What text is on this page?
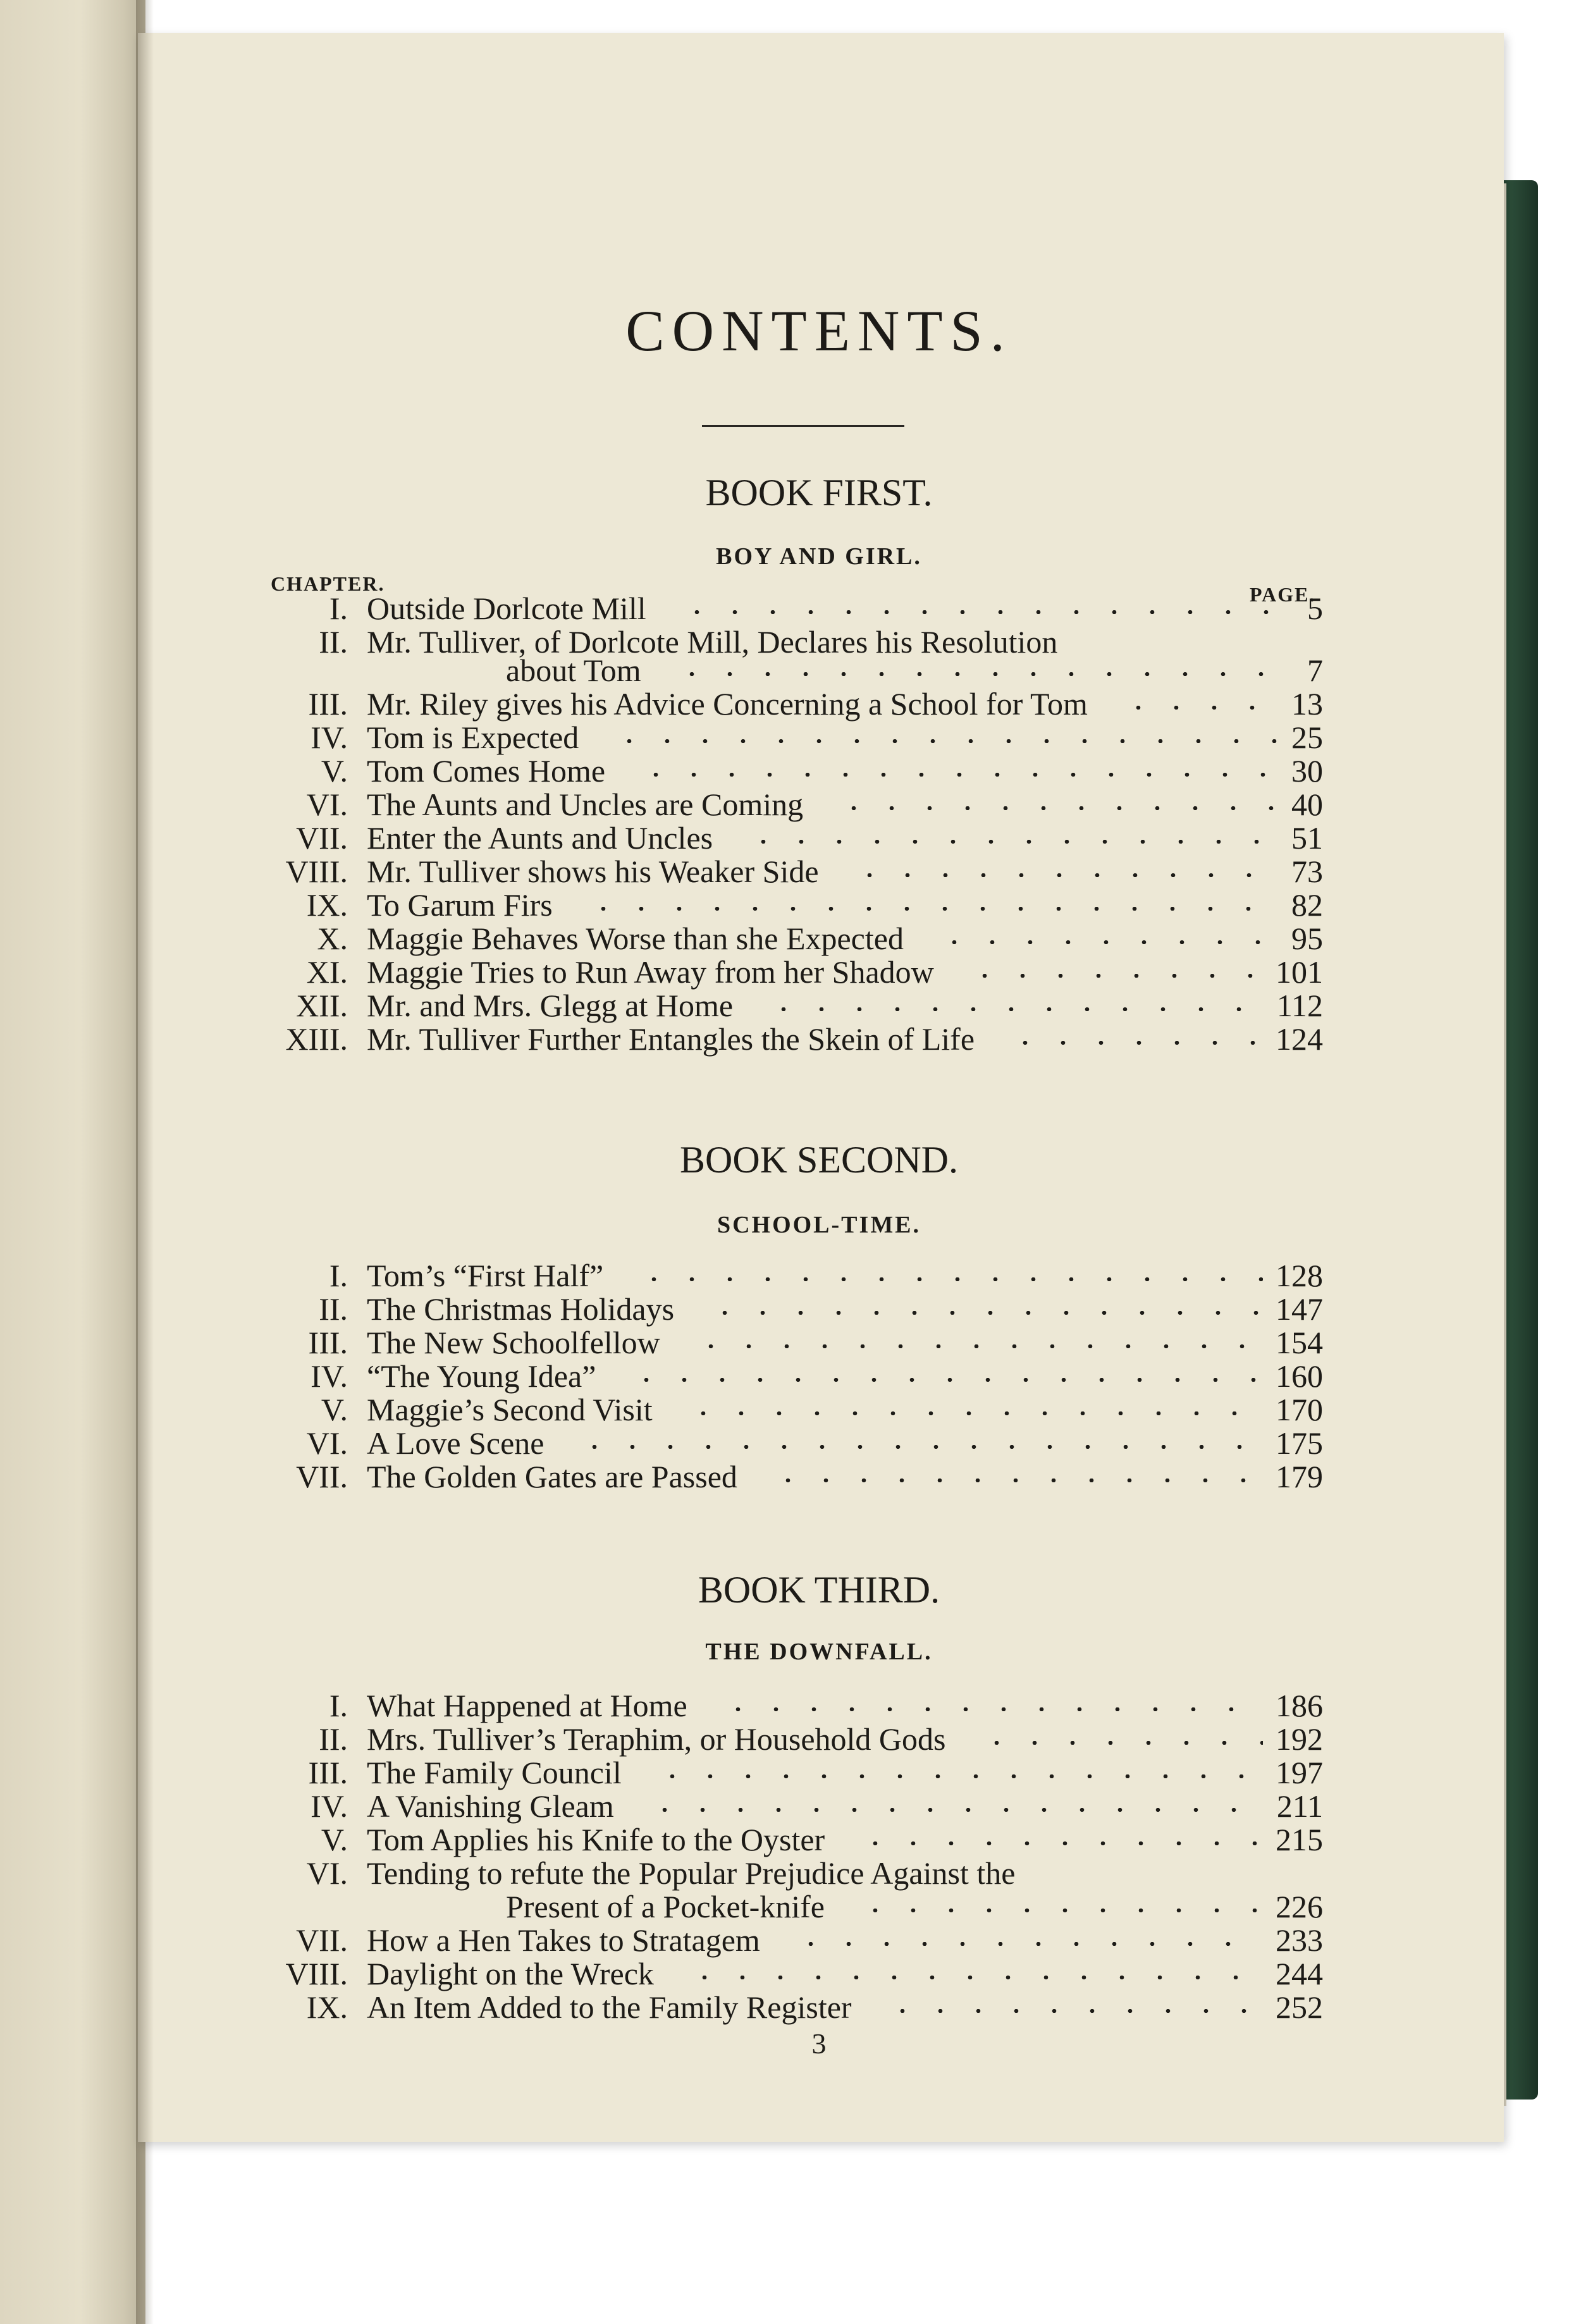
CONTENTS.
BOOK FIRST.
BOY AND GIRL.
CHAPTER.	PAGE.
BOOK SECOND.
SCHOOL-TIME.
BOOK THIRD.
THE DOWNFALL.
I. Outside Dorlcote Mill	5
II. Mr. Tulliver, of Dorlcote Mill, Declares his Resolution
about Tom	7
III. Mr. Riley gives his Advice Concerning a School for Tom	13
IV. Tom is Expected	25
V. Tom Comes Home	30
VI. The Aunts and Uncles are Coming	40
VII. Enter the Aunts and Uncles	51
VIII. Mr. Tulliver shows his Weaker Side	73
IX. To Garum Firs	82
X. Maggie Behaves Worse than she Expected	95
XI. Maggie Tries to Run Away from her Shadow	101
XII. Mr. and Mrs. Glegg at Home	112
XIII. Mr. Tulliver Further Entangles the Skein of Life	124
I. Tom’s “First Half”	128
II. The Christmas Holidays	147
III. The New Schoolfellow	154
IV. “The Young Idea”	160
V. Maggie’s Second Visit	170
VI. A Love Scene	175
VII. The Golden Gates are Passed	179
I. What Happened at Home	186
II. Mrs. Tulliver’s Teraphim, or Household Gods	192
III. The Family Council	197
IV. A Vanishing Gleam	211
V. Tom Applies his Knife to the Oyster	215
VI. Tending to refute the Popular Prejudice Against the
Present of a Pocket-knife	226
VII. How a Hen Takes to Stratagem	233
VIII. Daylight on the Wreck	244
IX. An Item Added to the Family Register	252
3
